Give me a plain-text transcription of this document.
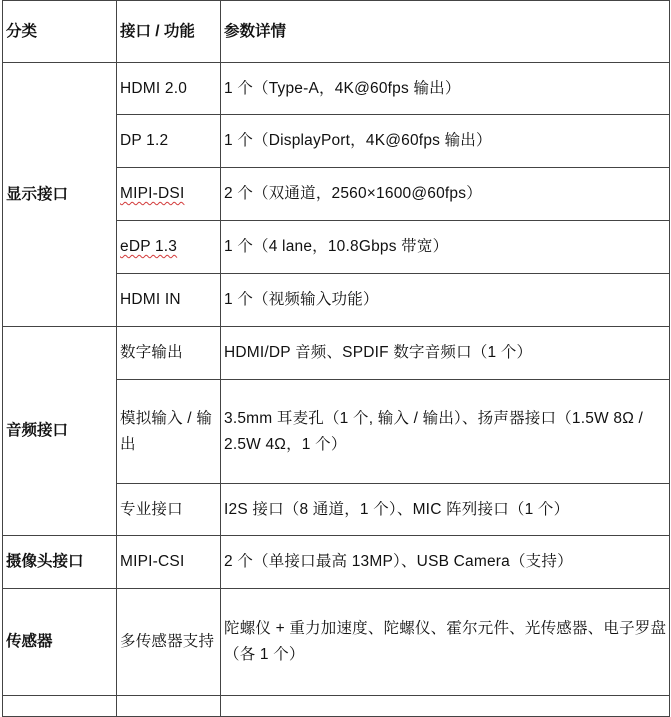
分类	接口 / 功能	参数详情
显示接口	HDMI 2.0	1 个（Type-A，4K@60fps 输出）
	DP 1.2	1 个（DisplayPort，4K@60fps 输出）
	MIPI-DSI	2 个（双通道，2560×1600@60fps）
	eDP 1.3	1 个（4 lane，10.8Gbps 带宽）
	HDMI IN	1 个（视频输入功能）
音频接口	数字输出	HDMI/DP 音频、SPDIF 数字音频口（1 个）
	模拟输入 / 输出	3.5mm 耳麦孔（1 个, 输入 / 输出）、扬声器接口（1.5W 8Ω / 2.5W 4Ω，1 个）
	专业接口	I2S 接口（8 通道，1 个）、MIC 阵列接口（1 个）
摄像头接口	MIPI-CSI	2 个（单接口最高 13MP）、USB Camera（支持）
传感器	多传感器支持	陀螺仪 + 重力加速度、陀螺仪、霍尔元件、光传感器、电子罗盘（各 1 个）
